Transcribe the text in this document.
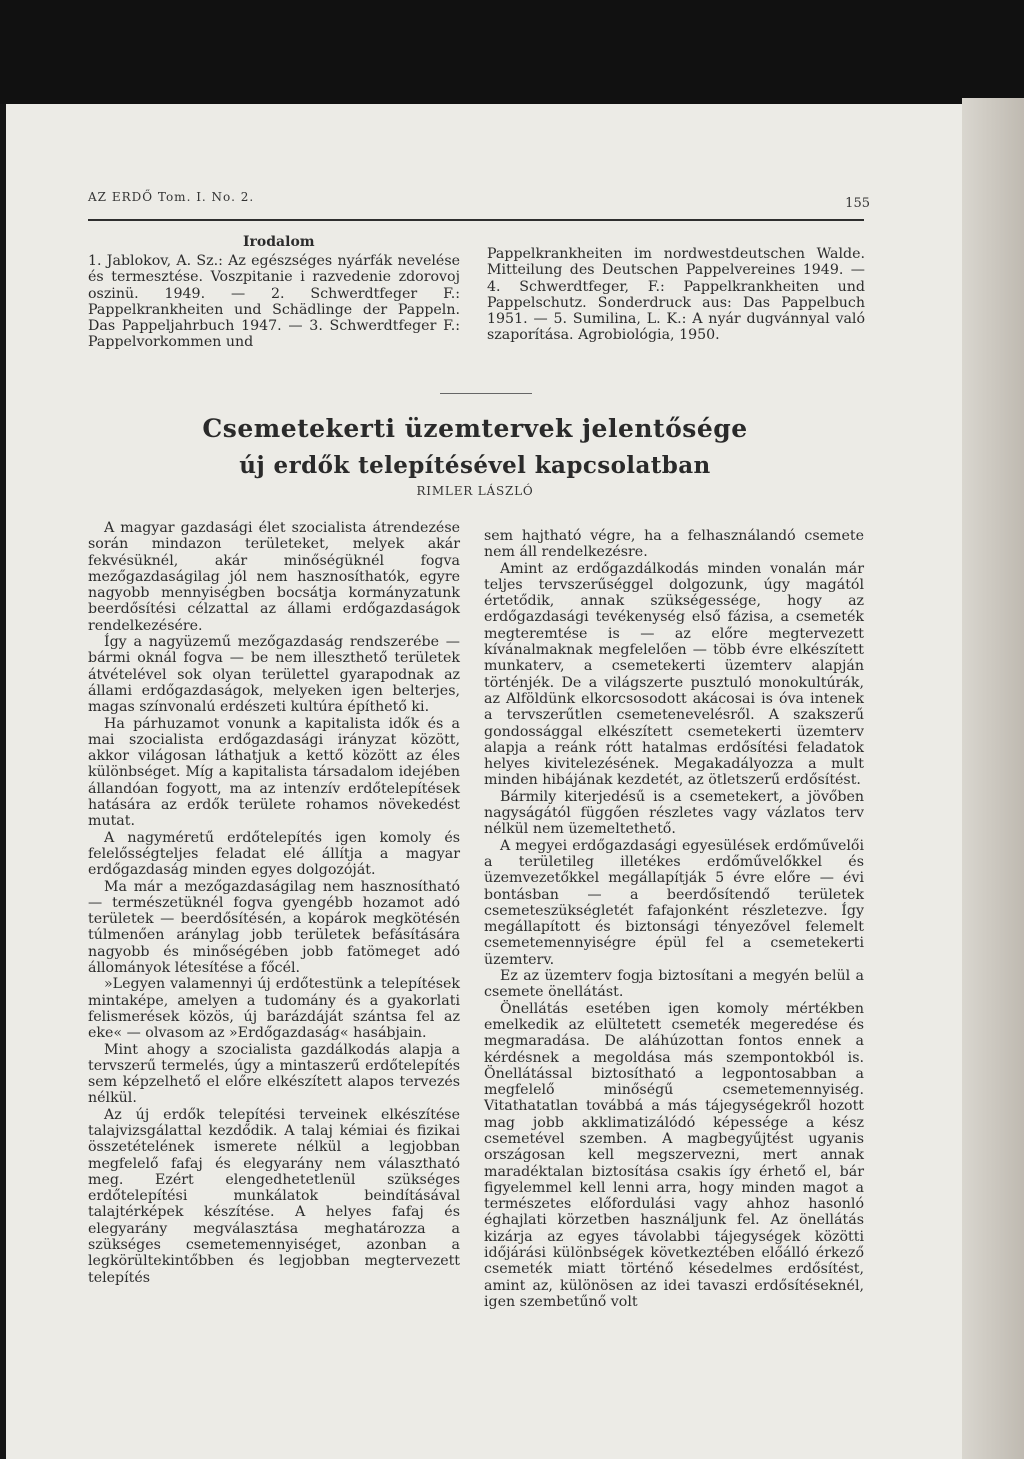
AZ ERDŐ Tom. I. No. 2.	155
Irodalom
1. Jablokov, A. Sz.: Az egészséges nyárfák nevelése és termesztése. Voszpitanie i razvedenie zdorovoj oszinü. 1949. — 2. Schwerdtfeger F.: Pappelkrankheiten und Schädlinge der Pappeln. Das Pappeljahrbuch 1947. — 3. Schwerdtfeger F.: Pappelvorkommen und
Pappelkrankheiten im nordwestdeutschen Walde. Mitteilung des Deutschen Pappelvereines 1949. — 4. Schwerdtfeger, F.: Pappelkrankheiten und Pappelschutz. Sonderdruck aus: Das Pappelbuch 1951. — 5. Sumilina, L. K.: A nyár dugvánnyal való szaporítása. Agrobiológia, 1950.
Csemetekerti üzemtervek jelentősége
új erdők telepítésével kapcsolatban
RIMLER LÁSZLÓ

A magyar gazdasági élet szocialista átrendezése során mindazon területeket, melyek akár fekvésüknél, akár minőségüknél fogva mezőgazdaságilag jól nem hasznosíthatók, egyre nagyobb mennyiségben bocsátja kormányzatunk beerdősítési célzattal az állami erdőgazdaságok rendelkezésére.

Így a nagyüzemű mezőgazdaság rendszerébe — bármi oknál fogva — be nem illeszthető területek átvételével sok olyan területtel gyarapodnak az állami erdőgazdaságok, melyeken igen belterjes, magas színvonalú erdészeti kultúra építhető ki.

Ha párhuzamot vonunk a kapitalista idők és a mai szocialista erdőgazdasági irányzat között, akkor világosan láthatjuk a kettő között az éles különbséget. Míg a kapitalista társadalom idejében állandóan fogyott, ma az intenzív erdőtelepítések hatására az erdők területe rohamos növekedést mutat.

A nagyméretű erdőtelepítés igen komoly és felelősségteljes feladat elé állítja a magyar erdőgazdaság minden egyes dolgozóját.

Ma már a mezőgazdaságilag nem hasznosítható — természetüknél fogva gyengébb hozamot adó területek — beerdősítésén, a kopárok megkötésén túlmenően aránylag jobb területek befásítására nagyobb és minőségében jobb fatömeget adó állományok létesítése a főcél.

»Legyen valamennyi új erdőtestünk a telepítések mintaképe, amelyen a tudomány és a gyakorlati felismerések közös, új barázdáját szántsa fel az eke« — olvasom az »Erdőgazdaság« hasábjain.

Mint ahogy a szocialista gazdálkodás alapja a tervszerű termelés, úgy a mintaszerű erdőtelepítés sem képzelhető el előre elkészített alapos tervezés nélkül.

Az új erdők telepítési terveinek elkészítése talajvizsgálattal kezdődik. A talaj kémiai és fizikai összetételének ismerete nélkül a legjobban megfelelő fafaj és elegyarány nem választható meg. Ezért elengedhetetlenül szükséges erdőtelepítési munkálatok beindításával talajtérképek készítése. A helyes fafaj és elegyarány megválasztása meghatározza a szükséges csemetemennyiséget, azonban a legkörültekintőbben és legjobban megtervezett telepítés

sem hajtható végre, ha a felhasználandó csemete nem áll rendelkezésre.

Amint az erdőgazdálkodás minden vonalán már teljes tervszerűséggel dolgozunk, úgy magától értetődik, annak szükségessége, hogy az erdőgazdasági tevékenység első fázisa, a csemeték megteremtése is — az előre megtervezett kívánalmaknak megfelelően — több évre elkészített munkaterv, a csemetekerti üzemterv alapján történjék. De a világszerte pusztuló monokultúrák, az Alföldünk elkorcsosodott akácosai is óva intenek a tervszerűtlen csemetenevelésről. A szakszerű gondossággal elkészített csemetekerti üzemterv alapja a reánk rótt hatalmas erdősítési feladatok helyes kivitelezésének. Megakadályozza a mult minden hibájának kezdetét, az ötletszerű erdősítést.

Bármily kiterjedésű is a csemetekert, a jövőben nagyságától függően részletes vagy vázlatos terv nélkül nem üzemeltethető.

A megyei erdőgazdasági egyesülések erdőművelői a területileg illetékes erdőművelőkkel és üzemvezetőkkel megállapítják 5 évre előre — évi bontásban — a beerdősítendő területek csemeteszükségletét fafajonként részletezve. Így megállapított és biztonsági tényezővel felemelt csemetemennyiségre épül fel a csemetekerti üzemterv.

Ez az üzemterv fogja biztosítani a megyén belül a csemete önellátást.

Önellátás esetében igen komoly mértékben emelkedik az elültetett csemeték megeredése és megmaradása. De aláhúzottan fontos ennek a kérdésnek a megoldása más szempontokból is. Önellátással biztosítható a legpontosabban a megfelelő minőségű csemetemennyiség. Vitathatatlan továbbá a más tájegységekről hozott mag jobb akklimatizálódó képessége a kész csemetével szemben. A magbegyűjtést ugyanis országosan kell megszervezni, mert annak maradéktalan biztosítása csakis így érhető el, bár figyelemmel kell lenni arra, hogy minden magot a természetes előfordulási vagy ahhoz hasonló éghajlati körzetben használjunk fel. Az önellátás kizárja az egyes távolabbi tájegységek közötti időjárási különbségek következtében előálló érkező csemeték miatt történő késedelmes erdősítést, amint az, különösen az idei tavaszi erdősítéseknél, igen szembetűnő volt
